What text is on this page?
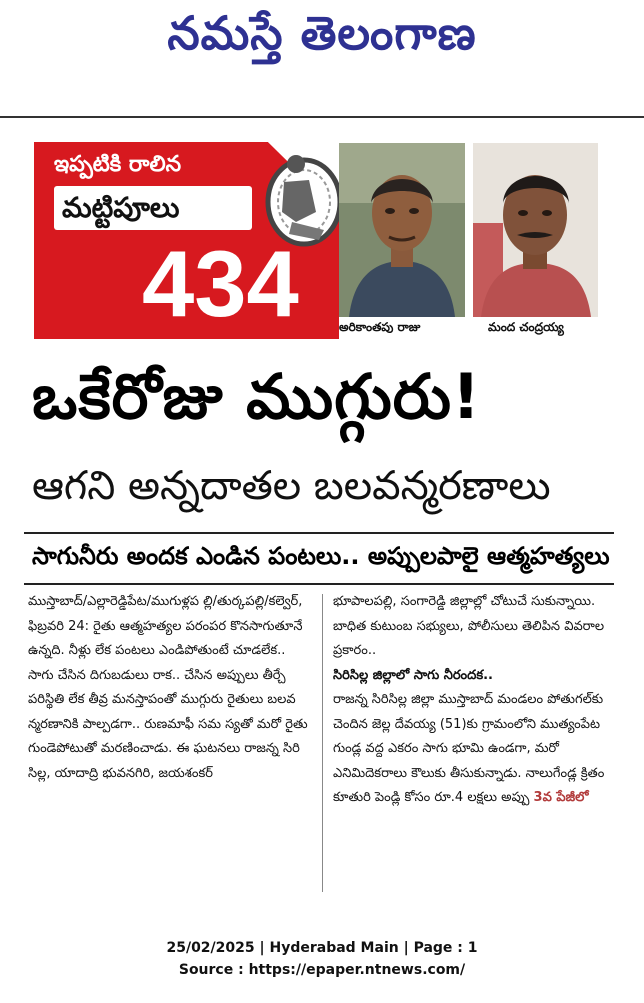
నమస్తే తెలంగాణ
ఇప్పటికి రాలిన
మట్టిపూలు
434	అరికాంతపు రాజు	మంద చంద్రయ్య
ఒకేరోజు ముగ్గురు!
ఆగని అన్నదాతల బలవన్మరణాలు
సాగునీరు అందక ఎండిన పంటలు.. అప్పులపాలై ఆత్మహత్యలు

ముస్తాబాద్/ఎల్లారెడ్డిపేట/ముగుళ్లప ల్లి/తుర్కపల్లి/కల్వెర్, ఫిబ్రవరి 24: రైతు ఆత్మహత్యల పరంపర కొనసాగుతూనే ఉన్నది. నీళ్లు లేక పంటలు ఎండిపోతుంటే చూడలేక.. సాగు చేసిన దిగుబడులు రాక.. చేసిన అప్పులు తీర్చే పరిస్థితి లేక తీవ్ర మనస్తాపంతో ముగ్గురు రైతులు బలవ న్మరణానికి పాల్పడగా.. రుణమాఫీ సమ స్యతో మరో రైతు గుండెపోటుతో మరణించాడు. ఈ ఘటనలు రాజన్న సిరి సిల్ల, యాదాద్రి భువనగిరి, జయశంకర్

భూపాలపల్లి, సంగారెడ్డి జిల్లాల్లో చోటుచే సుకున్నాయి. బాధిత కుటుంబ సభ్యులు, పోలీసులు తెలిపిన వివరాల ప్రకారం..

సిరిసిల్ల జిల్లాలో సాగు నీరందక..

రాజన్న సిరిసిల్ల జిల్లా ముస్తాబాద్ మండలం పోతుగల్‌కు చెందిన జెల్ల దేవయ్య (51)కు గ్రామంలోని ముత్యంపేట గుండ్ల వద్ద ఎకరం సాగు భూమి ఉండగా, మరో ఎనిమిదెకరాలు కౌలుకు తీసుకున్నాడు. నాలుగేండ్ల క్రితం కూతురి పెండ్లి కోసం రూ.4 లక్షలు అప్పు 3వ పేజీలో

25/02/2025 | Hyderabad Main | Page : 1
Source : https://epaper.ntnews.com/
